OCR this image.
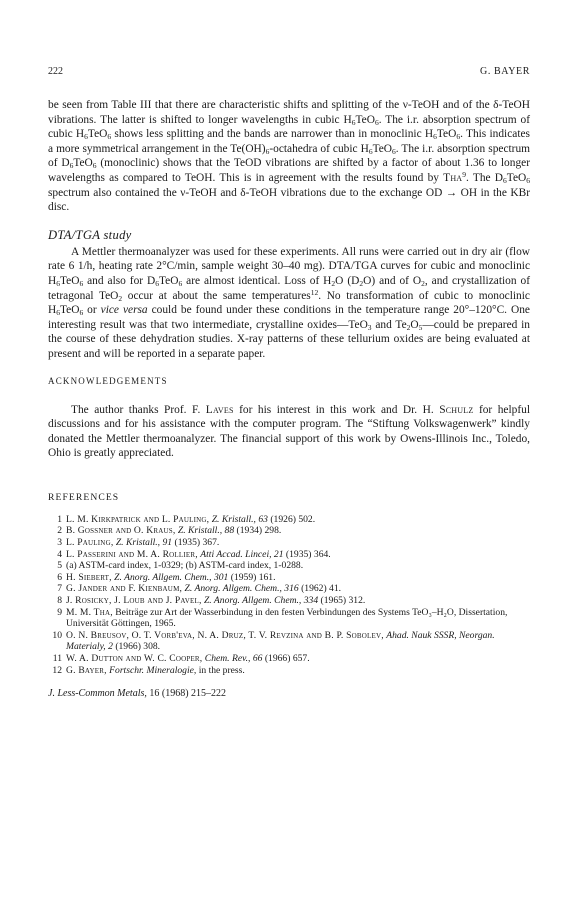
222	G. BAYER

be seen from Table III that there are characteristic shifts and splitting of the ν-TeOH and of the δ-TeOH vibrations. The latter is shifted to longer wavelengths in cubic $H_6TeO_6$. The i.r. absorption spectrum of cubic $H_6TeO_6$ shows less splitting and the bands are narrower than in monoclinic $H_6TeO_6$. This indicates a more symmetrical arrangement in the $Te(OH)_6$-octahedra of cubic $H_6TeO_6$. The i.r. absorption spectrum of $D_6TeO_6$ (monoclinic) shows that the TeOD vibrations are shifted by a factor of about 1.36 to longer wavelengths as compared to TeOH. This is in agreement with the results found by Tha$^9$. The $D_6TeO_6$ spectrum also contained the ν-TeOH and δ-TeOH vibrations due to the exchange OD → OH in the KBr disc.

DTA/TGA study

A Mettler thermoanalyzer was used for these experiments. All runs were carried out in dry air (flow rate 6 1/h, heating rate 2°C/min, sample weight 30–40 mg). DTA/TGA curves for cubic and monoclinic $H_6TeO_6$ and also for $D_6TeO_6$ are almost identical. Loss of $H_2O$ $(D_2O)$ and of $O_2$, and crystallization of tetragonal TeO$_2$ occur at about the same temperatures$^{12}$. No transformation of cubic to monoclinic $H_6TeO_6$ or vice versa could be found under these conditions in the temperature range 20°–120°C. One interesting result was that two intermediate, crystalline oxides—TeO$_3$ and $Te_2O_5—could$ be prepared in the course of these dehydration studies. X-ray patterns of these tellurium oxides are being evaluated at present and will be reported in a separate paper.

ACKNOWLEDGEMENTS

The author thanks Prof. F. Laves for his interest in this work and Dr. H. Schulz for helpful discussions and for his assistance with the computer program. The “Stiftung Volkswagenwerk” kindly donated the Mettler thermoanalyzer. The financial support of this work by Owens-Illinois Inc., Toledo, Ohio is greatly appreciated.

REFERENCES
1 L. M. Kirkpatrick and L. Pauling, Z. Kristall., 63 (1926) 502.
2 B. Gossner and O. Kraus, Z. Kristall., 88 (1934) 298.
3 L. Pauling, Z. Kristall., 91 (1935) 367.
4 L. Passerini and M. A. Rollier, Atti Accad. Lincei, 21 (1935) 364.
5 (a) ASTM-card index, 1-0329; (b) ASTM-card index, 1-0288.
6 H. Siebert, Z. Anorg. Allgem. Chem., 301 (1959) 161.
7 G. Jander and F. Kienbaum, Z. Anorg. Allgem. Chem., 316 (1962) 41.
8 J. Rosicky, J. Loub and J. Pavel, Z. Anorg. Allgem. Chem., 334 (1965) 312.
9 M. M. Tha, Beiträge zur Art der Wasserbindung in den festen Verbindungen des Systems TeO₃–H₂O, Dissertation, Universität Göttingen, 1965.
10 O. N. Breusov, O. T. Vorb'eva, N. A. Druz, T. V. Revzina and B. P. Sobolev, Ahad. Nauk SSSR, Neorgan. Materialy, 2 (1966) 308.
11 W. A. Dutton and W. C. Cooper, Chem. Rev., 66 (1966) 657.
12 G. Bayer, Fortschr. Mineralogie, in the press.
J. Less-Common Metals, 16 (1968) 215–222
